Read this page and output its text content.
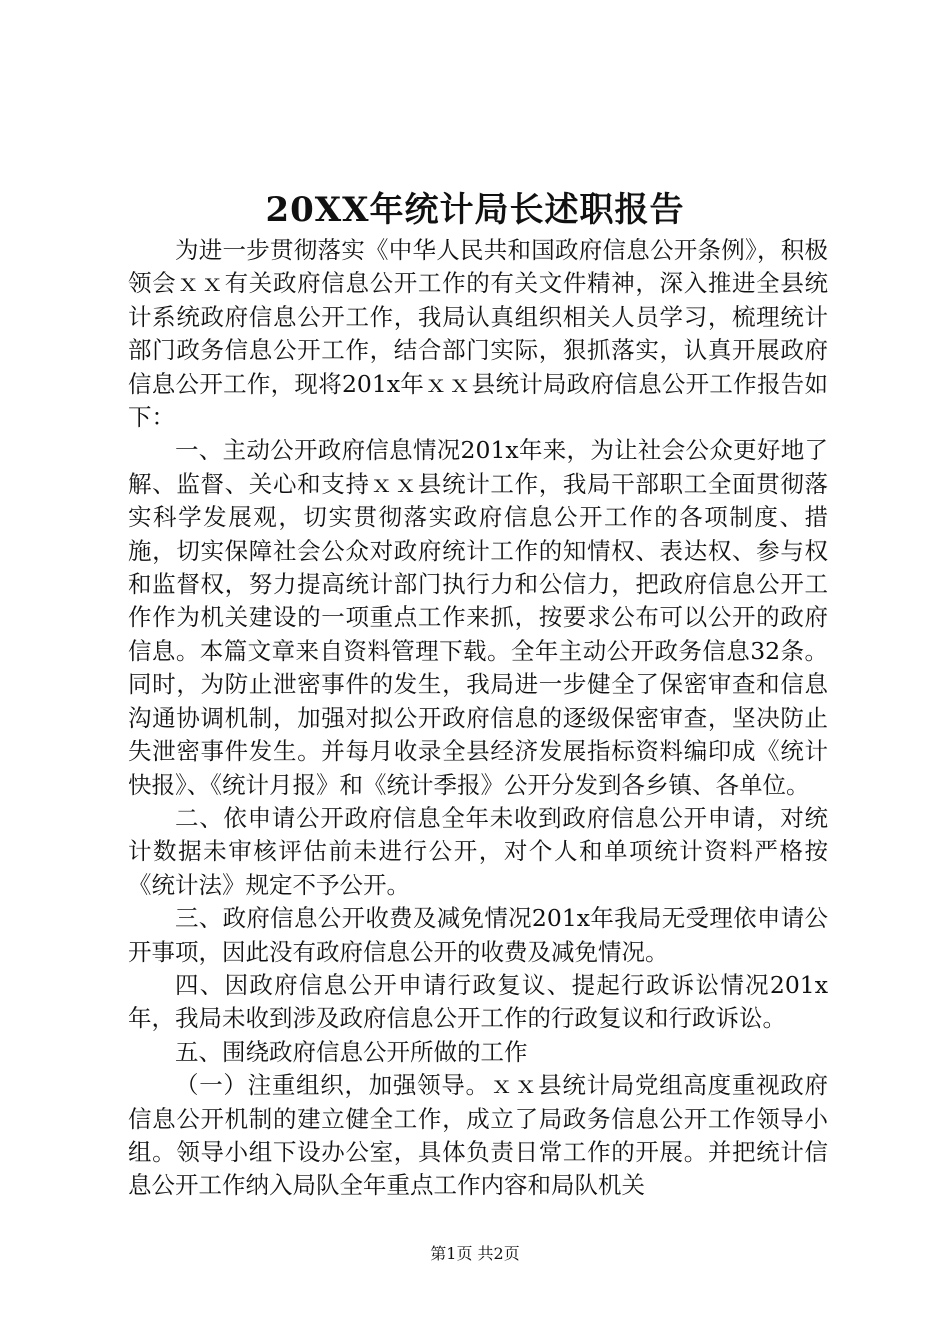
20XX年统计局长述职报告

为进一步贯彻落实《中华人民共和国政府信息公开条例》，积极领会ｘｘ有关政府信息公开工作的有关文件精神，深入推进全县统计系统政府信息公开工作，我局认真组织相关人员学习，梳理统计部门政务信息公开工作，结合部门实际，狠抓落实，认真开展政府信息公开工作，现将201x年ｘｘ县统计局政府信息公开工作报告如下：

一、主动公开政府信息情况201x年来，为让社会公众更好地了解、监督、关心和支持ｘｘ县统计工作，我局干部职工全面贯彻落实科学发展观，切实贯彻落实政府信息公开工作的各项制度、措施，切实保障社会公众对政府统计工作的知情权、表达权、参与权和监督权，努力提高统计部门执行力和公信力，把政府信息公开工作作为机关建设的一项重点工作来抓，按要求公布可以公开的政府信息。本篇文章来自资料管理下载。全年主动公开政务信息32条。同时，为防止泄密事件的发生，我局进一步健全了保密审查和信息沟通协调机制，加强对拟公开政府信息的逐级保密审查，坚决防止失泄密事件发生。并每月收录全县经济发展指标资料编印成《统计快报》、《统计月报》和《统计季报》公开分发到各乡镇、各单位。

二、依申请公开政府信息全年未收到政府信息公开申请，对统计数据未审核评估前未进行公开，对个人和单项统计资料严格按《统计法》规定不予公开。

三、政府信息公开收费及减免情况201x年我局无受理依申请公开事项，因此没有政府信息公开的收费及减免情况。

四、因政府信息公开申请行政复议、提起行政诉讼情况201x年，我局未收到涉及政府信息公开工作的行政复议和行政诉讼。

五、围绕政府信息公开所做的工作

（一）注重组织，加强领导。ｘｘ县统计局党组高度重视政府信息公开机制的建立健全工作，成立了局政务信息公开工作领导小组。领导小组下设办公室，具体负责日常工作的开展。并把统计信息公开工作纳入局队全年重点工作内容和局队机关

第1页 共2页
